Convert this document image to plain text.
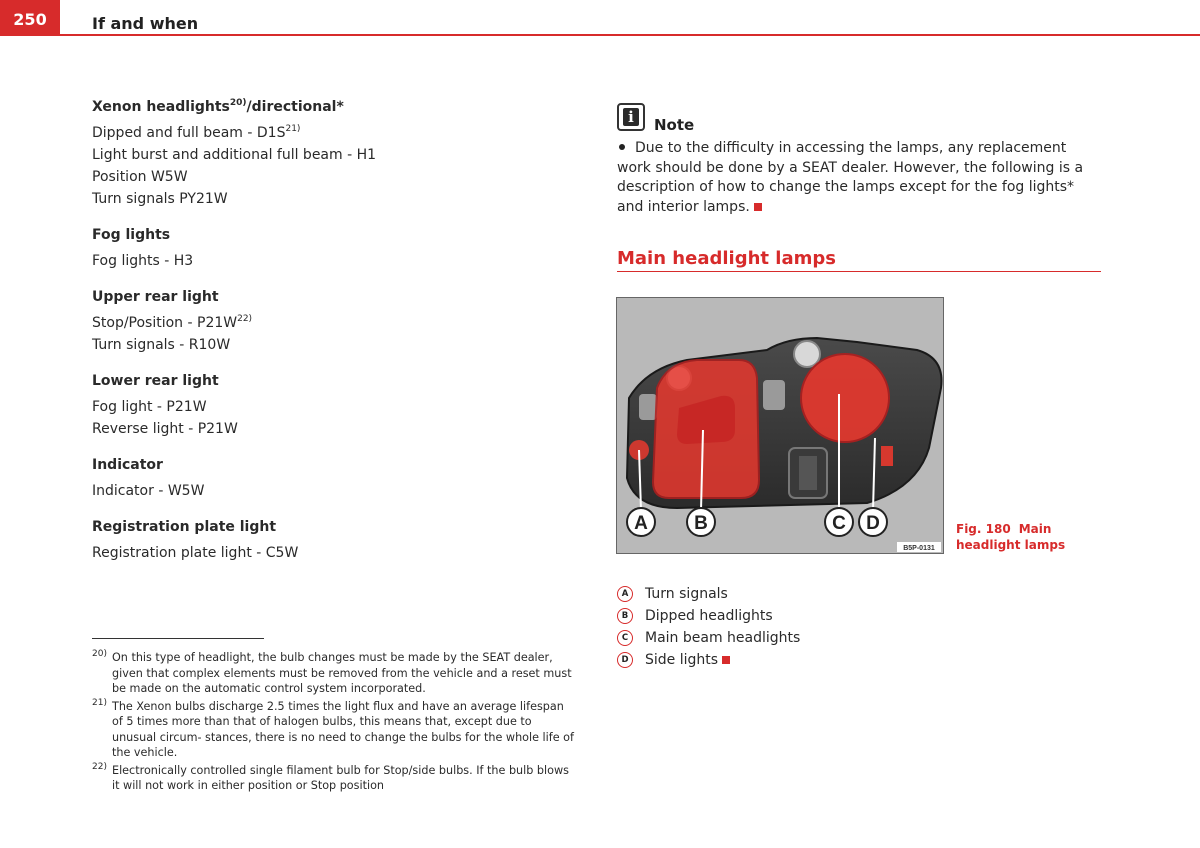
250	If and when
Xenon headlights$^{20)}$/directional*
Dipped and full beam - $D1S^{21)}$
Light burst and additional full beam - H1
Position W5W
Turn signals PY21W
Fog lights
Fog lights - H3
Upper rear light
Stop/Position - $P21W^{22)}$
Turn signals - R10W
Lower rear light
Fog light - P21W
Reverse light - P21W
Indicator
Indicator - W5W
Registration plate light
Registration plate light - C5W
20) On this type of headlight, the bulb changes must be made by the SEAT dealer, given that complex elements must be removed from the vehicle and a reset must be made on the automatic control system incorporated.
21) The Xenon bulbs discharge 2.5 times the light flux and have an average lifespan of 5 times more than that of halogen bulbs, this means that, except due to unusual circum- stances, there is no need to change the bulbs for the whole life of the vehicle.
22) Electronically controlled single filament bulb for Stop/side bulbs. If the bulb blows it will not work in either position or Stop position
i	Note
Due to the difficulty in accessing the lamps, any replacement work should be done by a SEAT dealer. However, the following is a description of how to change the lamps except for the fog lights* and interior lamps.
Main headlight lamps
A B	C D
B5P-0131
Fig. 180 Main headlight lamps
A	Turn signals
B	Dipped headlights
C	Main beam headlights
D	Side lights
